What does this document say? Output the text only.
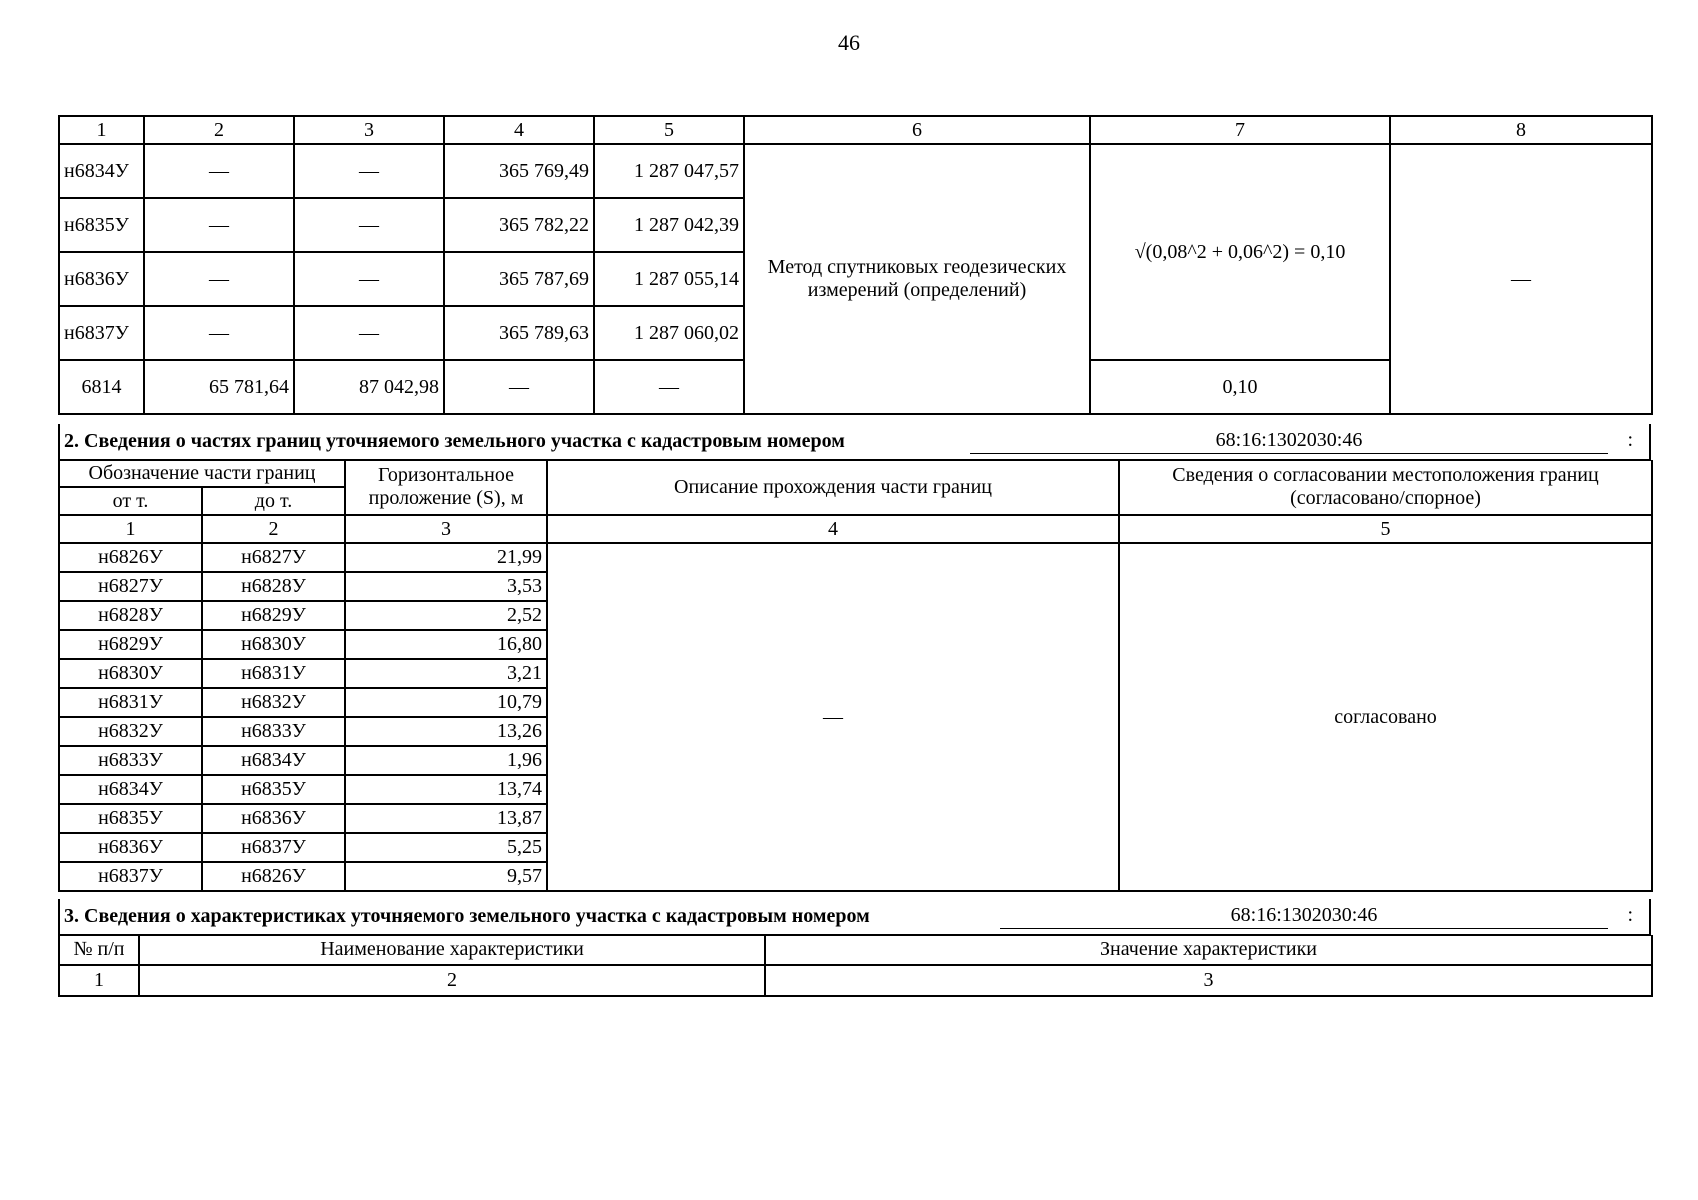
46
1	2	3	4	5	6	7	8
н6834У	—	—	365 769,49	1 287 047,57	Метод спутниковых геодезических измерений (определений)	√(0,08^2 + 0,06^2) = 0,10	—
н6835У	—	—	365 782,22	1 287 042,39			
н6836У	—	—	365 787,69	1 287 055,14			
н6837У	—	—	365 789,63	1 287 060,02			
6814	65 781,64	87 042,98	—	—		0,10	
2. Сведения о частях границ уточняемого земельного участка с кадастровым номером	68:16:1302030:46	:
Обозначение части границ		Горизонтальное проложение (S), м	Описание прохождения части границ	Сведения о согласовании местоположения границ (согласовано/спорное)
от т.	до т.			
1	2	3	4	5
н6826У	н6827У	21,99	—	согласовано
н6827У	н6828У	3,53		
н6828У	н6829У	2,52		
н6829У	н6830У	16,80		
н6830У	н6831У	3,21		
н6831У	н6832У	10,79		
н6832У	н6833У	13,26		
н6833У	н6834У	1,96		
н6834У	н6835У	13,74		
н6835У	н6836У	13,87		
н6836У	н6837У	5,25		
н6837У	н6826У	9,57		
3. Сведения о характеристиках уточняемого земельного участка с кадастровым номером	68:16:1302030:46	:
№ п/п	Наименование характеристики	Значение характеристики
1	2	3
